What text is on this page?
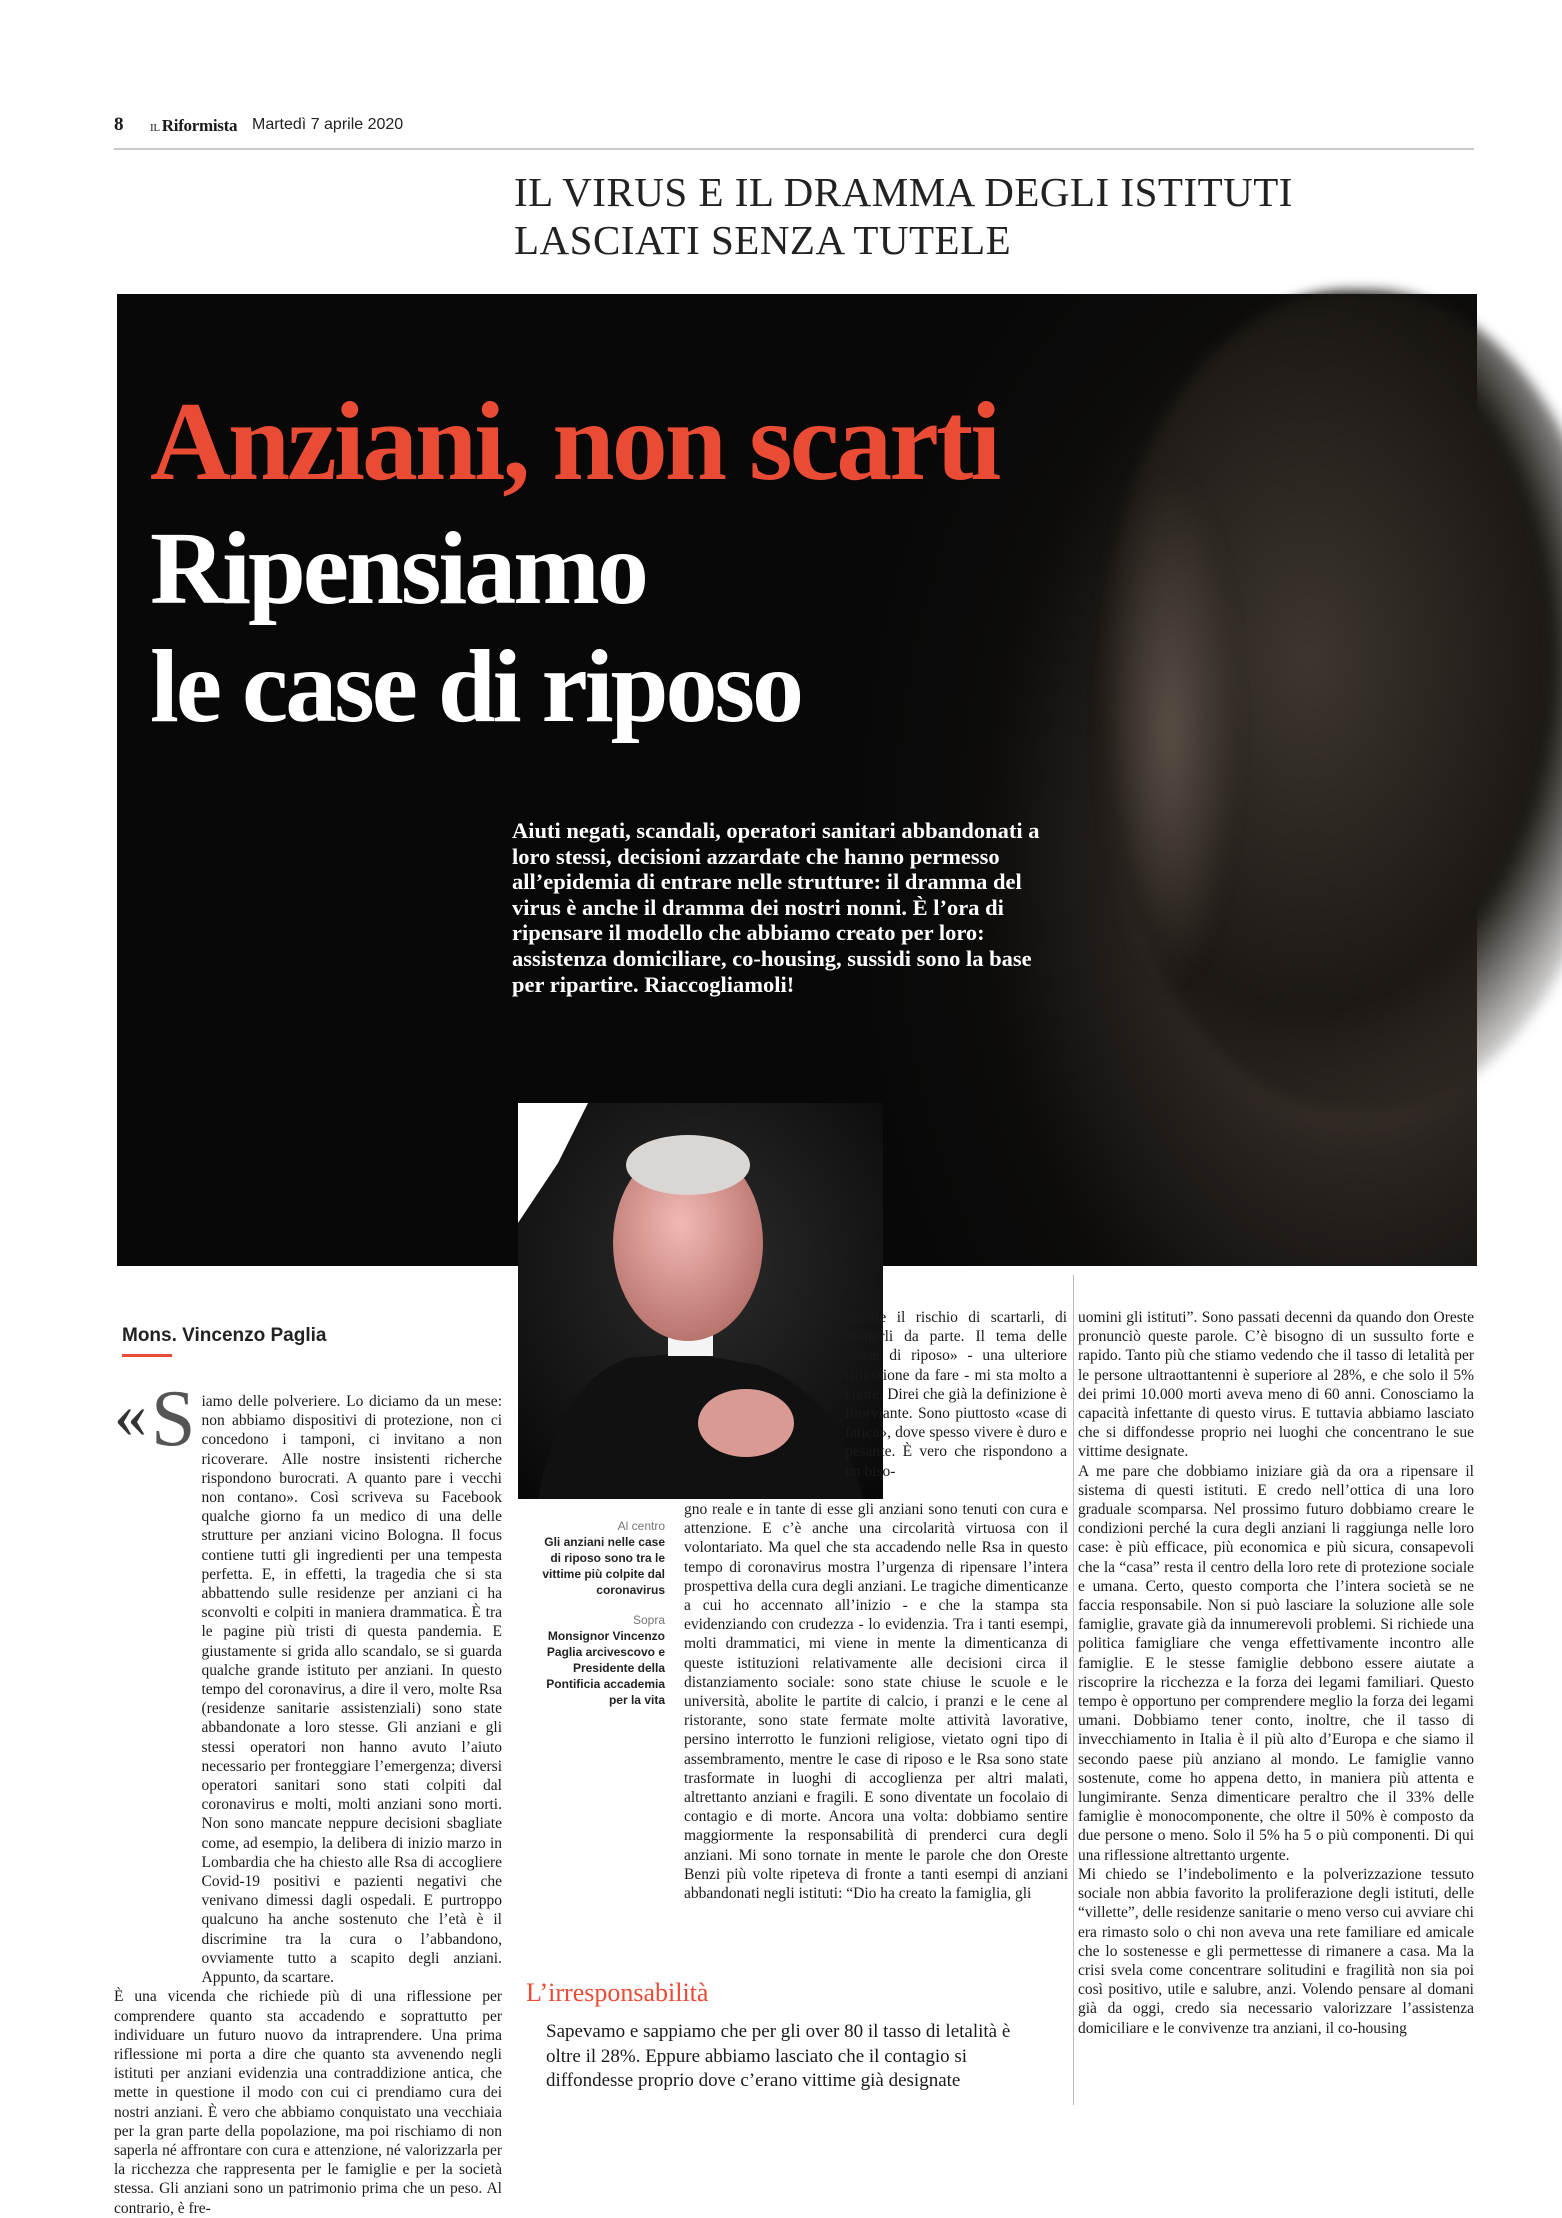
8 IL Riformista Martedì 7 aprile 2020
IL VIRUS E IL DRAMMA DEGLI ISTITUTI
LASCIATI SENZA TUTELE
Anziani, non scarti
Ripensiamo
le case di riposo
Aiuti negati, scandali, operatori sanitari abbandonati a loro stessi, decisioni azzardate che hanno permesso all’epidemia di entrare nelle strutture: il dramma del virus è anche il dramma dei nostri nonni. È l’ora di ripensare il modello che abbiamo creato per loro: assistenza domiciliare, co-housing, sussidi sono la base per ripartire. Riaccogliamoli!
Mons. Vincenzo Paglia
« S iamo delle polveriere. Lo diciamo da un mese: non abbiamo dispositivi di protezione, non ci concedono i tamponi, ci invitano a non ricoverare. Alle nostre insistenti richerche rispondono burocrati. A quanto pare i vecchi non contano». Così scriveva su Facebook qualche giorno fa un medico di una delle strutture per anziani vicino Bologna. Il focus contiene tutti gli ingredienti per una tempesta perfetta. E, in effetti, la tragedia che si sta abbattendo sulle residenze per anziani ci ha sconvolti e colpiti in maniera drammatica. È tra le pagine più tristi di questa pandemia. E giustamente si grida allo scandalo, se si guarda qualche grande istituto per anziani. In questo tempo del coronavirus, a dire il vero, molte Rsa (residenze sanitarie assistenziali) sono state abbandonate a loro stesse. Gli anziani e gli stessi operatori non hanno avuto l’aiuto necessario per fronteggiare l’emergenza; diversi operatori sanitari sono stati colpiti dal coronavirus e molti, molti anziani sono morti. Non sono mancate neppure decisioni sbagliate come, ad esempio, la delibera di inizio marzo in Lombardia che ha chiesto alle Rsa di accogliere Covid-19 positivi e pazienti negativi che venivano dimessi dagli ospedali. E purtroppo qualcuno ha anche sostenuto che l’età è il discrimine tra la cura o l’abbandono, ovviamente tutto a scapito degli anziani. Appunto, da scartare.

È una vicenda che richiede più di una riflessione per comprendere quanto sta accadendo e soprattutto per individuare un futuro nuovo da intraprendere. Una prima riflessione mi porta a dire che quanto sta avvenendo negli istituti per anziani evidenzia una contraddizione antica, che mette in questione il modo con cui ci prendiamo cura dei nostri anziani. È vero che abbiamo conquistato una vecchiaia per la gran parte della popolazione, ma poi rischiamo di non saperla né affrontare con cura e attenzione, né valorizzarla per la ricchezza che rappresenta per le famiglie e per la società stessa. Gli anziani sono un patrimonio prima che un peso. Al contrario, è fre-

quente il rischio di scartarli, di metterli da parte. Il tema delle «case di riposo» - una ulteriore riflessione da fare - mi sta molto a cuore. Direi che già la definizione è fuorviante. Sono piuttosto «case di fatica», dove spesso vivere è duro e pesante. È vero che rispondono a un biso-
Al centro
Gli anziani nelle case di riposo sono tra le vittime più colpite dal coronavirus
Sopra
Monsignor Vincenzo Paglia arcivescovo e Presidente della Pontificia accademia per la vita

gno reale e in tante di esse gli anziani sono tenuti con cura e attenzione. E c’è anche una circolarità virtuosa con il volontariato. Ma quel che sta accadendo nelle Rsa in questo tempo di coronavirus mostra l’urgenza di ripensare l’intera prospettiva della cura degli anziani. Le tragiche dimenticanze a cui ho accennato all’inizio - e che la stampa sta evidenziando con crudezza - lo evidenzia. Tra i tanti esempi, molti drammatici, mi viene in mente la dimenticanza di queste istituzioni relativamente alle decisioni circa il distanziamento sociale: sono state chiuse le scuole e le università, abolite le partite di calcio, i pranzi e le cene al ristorante, sono state fermate molte attività lavorative, persino interrotto le funzioni religiose, vietato ogni tipo di assembramento, mentre le case di riposo e le Rsa sono state trasformate in luoghi di accoglienza per altri malati, altrettanto anziani e fragili. E sono diventate un focolaio di contagio e di morte. Ancora una volta: dobbiamo sentire maggiormente la responsabilità di prenderci cura degli anziani. Mi sono tornate in mente le parole che don Oreste Benzi più volte ripeteva di fronte a tanti esempi di anziani abbandonati negli istituti: “Dio ha creato la famiglia, gli

L’irresponsabilità
Sapevamo e sappiamo che per gli over 80 il tasso di letalità è oltre il 28%. Eppure abbiamo lasciato che il contagio si diffondesse proprio dove c’erano vittime già designate

uomini gli istituti”. Sono passati decenni da quando don Oreste pronunciò queste parole. C’è bisogno di un sussulto forte e rapido. Tanto più che stiamo vedendo che il tasso di letalità per le persone ultraottantenni è superiore al 28%, e che solo il 5% dei primi 10.000 morti aveva meno di 60 anni. Conosciamo la capacità infettante di questo virus. E tuttavia abbiamo lasciato che si diffondesse proprio nei luoghi che concentrano le sue vittime designate.

A me pare che dobbiamo iniziare già da ora a ripensare il sistema di questi istituti. E credo nell’ottica di una loro graduale scomparsa. Nel prossimo futuro dobbiamo creare le condizioni perché la cura degli anziani li raggiunga nelle loro case: è più efficace, più economica e più sicura, consapevoli che la “casa” resta il centro della loro rete di protezione sociale e umana. Certo, questo comporta che l’intera società se ne faccia responsabile. Non si può lasciare la soluzione alle sole famiglie, gravate già da innumerevoli problemi. Si richiede una politica famigliare che venga effettivamente incontro alle famiglie. E le stesse famiglie debbono essere aiutate a riscoprire la ricchezza e la forza dei legami familiari. Questo tempo è opportuno per comprendere meglio la forza dei legami umani. Dobbiamo tener conto, inoltre, che il tasso di invecchiamento in Italia è il più alto d’Europa e che siamo il secondo paese più anziano al mondo. Le famiglie vanno sostenute, come ho appena detto, in maniera più attenta e lungimirante. Senza dimenticare peraltro che il 33% delle famiglie è monocomponente, che oltre il 50% è composto da due persone o meno. Solo il 5% ha 5 o più componenti. Di qui una riflessione altrettanto urgente.

Mi chiedo se l’indebolimento e la polverizzazione tessuto sociale non abbia favorito la proliferazione degli istituti, delle “villette”, delle residenze sanitarie o meno verso cui avviare chi era rimasto solo o chi non aveva una rete familiare ed amicale che lo sostenesse e gli permettesse di rimanere a casa. Ma la crisi svela come concentrare solitudini e fragilità non sia poi così positivo, utile e salubre, anzi. Volendo pensare al domani già da oggi, credo sia necessario valorizzare l’assistenza domiciliare e le convivenze tra anziani, il co-housing
